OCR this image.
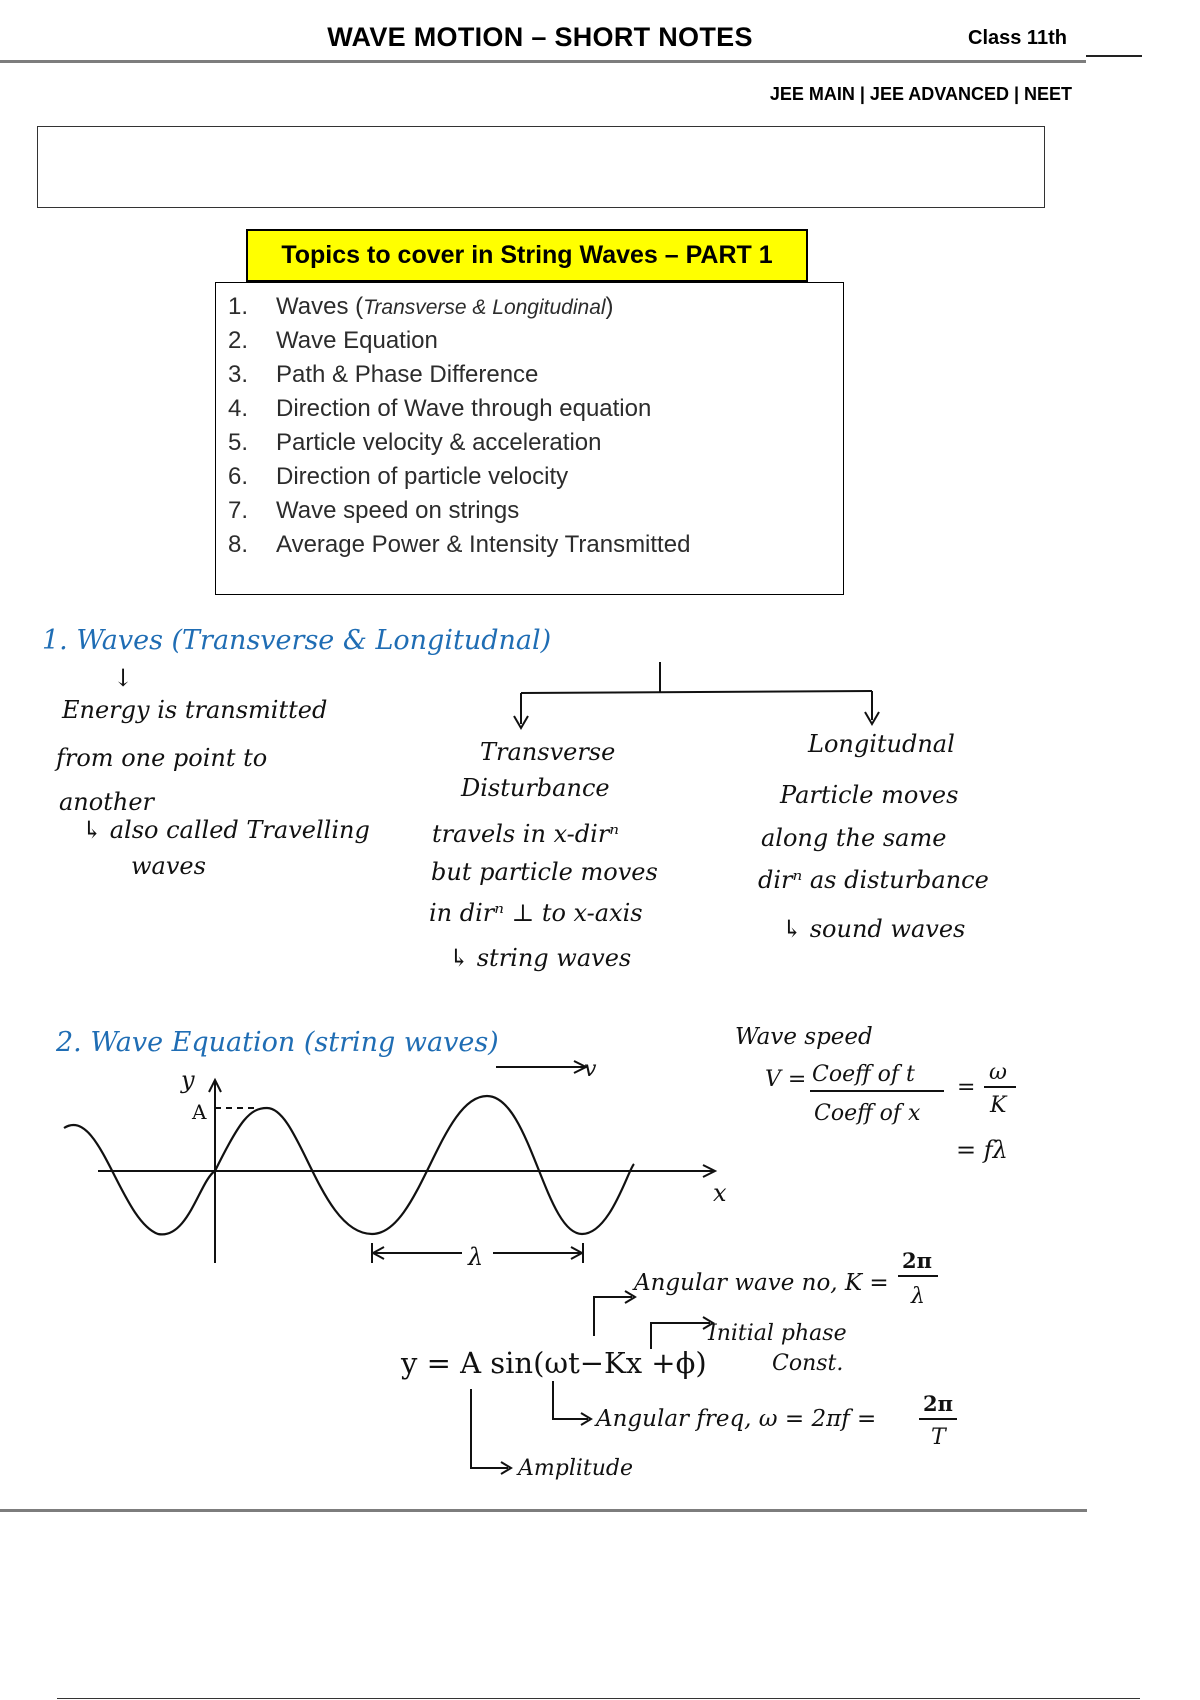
WAVE MOTION – SHORT NOTES	Class 11th
JEE MAIN | JEE ADVANCED | NEET
Topics to cover in String Waves – PART 1
1. Waves (Transverse & Longitudinal)
2. Wave Equation
3. Path & Phase Difference
4. Direction of Wave through equation
5. Particle velocity & acceleration
6. Direction of particle velocity
7. Wave speed on strings
8. Average Power & Intensity Transmitted
1. Waves (Transverse & Longitudnal)
↓
Energy is transmitted
from one point to
another
↳ also called Travelling
waves
Transverse
Disturbance
travels in x-dirⁿ
but particle moves
in dirⁿ ⊥ to x-axis
↳ string waves
Longitudnal
Particle moves
along the same
dirⁿ as disturbance
↳ sound waves
2. Wave Equation (string waves)
v
y
A
x
λ
Wave speed
V = Coeff of t
Coeff of x
=
ω
K
= fλ
y = A sin(ωt−Kx +ϕ)
Angular wave no, K =
2π
λ
Initial phase
Const.
Angular freq, ω = 2πf =
2π
T
Amplitude
